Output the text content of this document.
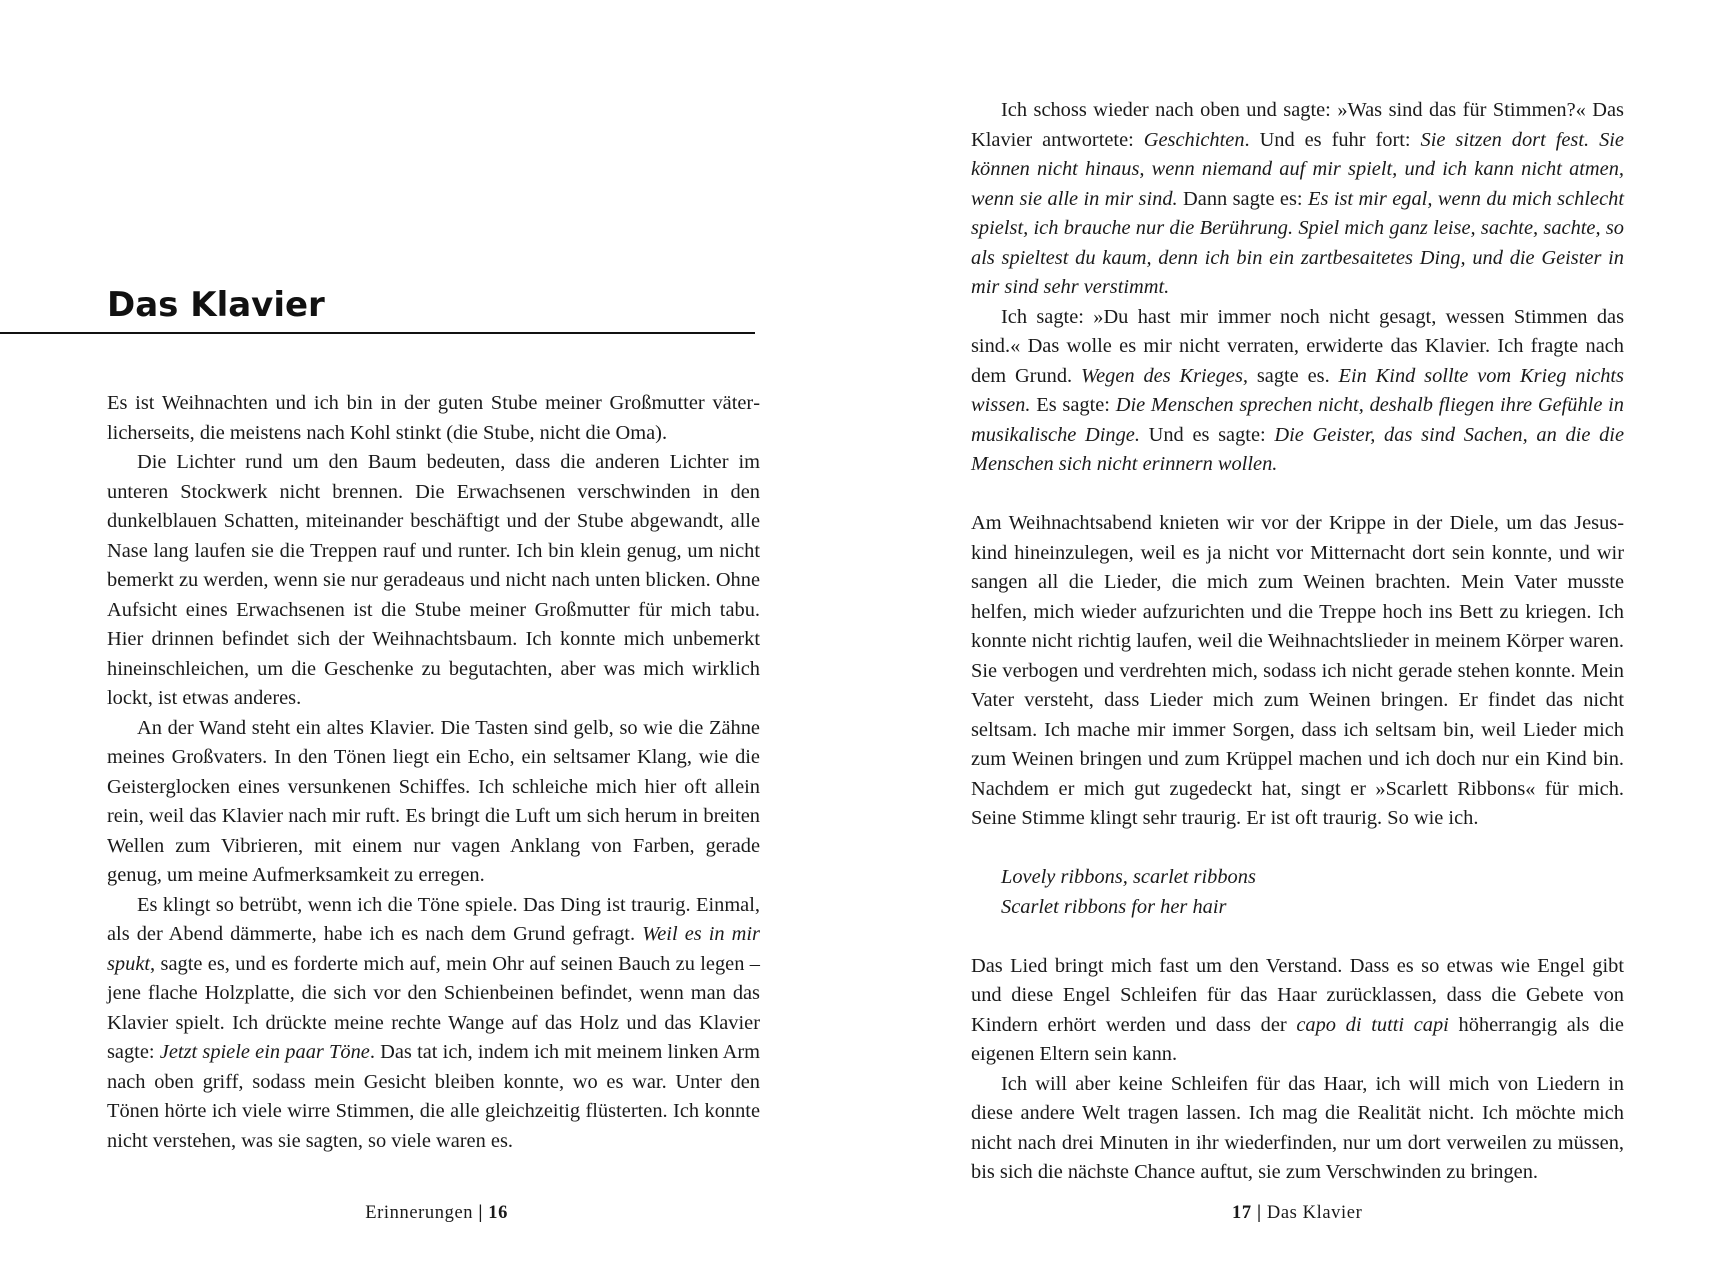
Das Klavier

Es ist Weihnachten und ich bin in der guten Stube meiner Großmutter väterlicherseits, die meistens nach Kohl stinkt (die Stube, nicht die Oma).

Die Lichter rund um den Baum bedeuten, dass die anderen Lichter im unteren Stockwerk nicht brennen. Die Erwachsenen verschwinden in den dunkelblauen Schatten, miteinander beschäftigt und der Stube abgewandt, alle Nase lang laufen sie die Treppen rauf und runter. Ich bin klein genug, um nicht bemerkt zu werden, wenn sie nur geradeaus und nicht nach unten blicken. Ohne Aufsicht eines Erwachsenen ist die Stube meiner Großmutter für mich tabu. Hier drinnen befindet sich der Weihnachtsbaum. Ich konnte mich unbemerkt hineinschleichen, um die Geschenke zu begutachten, aber was mich wirklich lockt, ist etwas anderes.

An der Wand steht ein altes Klavier. Die Tasten sind gelb, so wie die Zähne meines Großvaters. In den Tönen liegt ein Echo, ein seltsamer Klang, wie die Geisterglocken eines versunkenen Schiffes. Ich schleiche mich hier oft allein rein, weil das Klavier nach mir ruft. Es bringt die Luft um sich herum in breiten Wellen zum Vibrieren, mit einem nur vagen Anklang von Farben, gerade genug, um meine Aufmerksamkeit zu erregen.

Es klingt so betrübt, wenn ich die Töne spiele. Das Ding ist traurig. Einmal, als der Abend dämmerte, habe ich es nach dem Grund gefragt. Weil es in mir spukt, sagte es, und es forderte mich auf, mein Ohr auf seinen Bauch zu legen – jene flache Holzplatte, die sich vor den Schienbeinen befindet, wenn man das Klavier spielt. Ich drückte meine rechte Wange auf das Holz und das Klavier sagte: Jetzt spiele ein paar Töne. Das tat ich, indem ich mit meinem linken Arm nach oben griff, sodass mein Gesicht bleiben konnte, wo es war. Unter den Tönen hörte ich viele wirre Stimmen, die alle gleichzeitig flüsterten. Ich konnte nicht verstehen, was sie sagten, so viele waren es.

Erinnerungen | 16

Ich schoss wieder nach oben und sagte: »Was sind das für Stimmen?« Das Klavier antwortete: Geschichten. Und es fuhr fort: Sie sitzen dort fest. Sie können nicht hinaus, wenn niemand auf mir spielt, und ich kann nicht atmen, wenn sie alle in mir sind. Dann sagte es: Es ist mir egal, wenn du mich schlecht spielst, ich brauche nur die Berührung. Spiel mich ganz leise, sachte, sachte, so als spieltest du kaum, denn ich bin ein zartbesaitetes Ding, und die Geister in mir sind sehr verstimmt.

Ich sagte: »Du hast mir immer noch nicht gesagt, wessen Stimmen das sind.« Das wolle es mir nicht verraten, erwiderte das Klavier. Ich fragte nach dem Grund. Wegen des Krieges, sagte es. Ein Kind sollte vom Krieg nichts wissen. Es sagte: Die Menschen sprechen nicht, deshalb fliegen ihre Gefühle in musikalische Dinge. Und es sagte: Die Geister, das sind Sachen, an die die Menschen sich nicht erinnern wollen.

Am Weihnachtsabend knieten wir vor der Krippe in der Diele, um das Jesuskind hineinzulegen, weil es ja nicht vor Mitternacht dort sein konnte, und wir sangen all die Lieder, die mich zum Weinen brachten. Mein Vater musste helfen, mich wieder aufzurichten und die Treppe hoch ins Bett zu kriegen. Ich konnte nicht richtig laufen, weil die Weihnachtslieder in meinem Körper waren. Sie verbogen und verdrehten mich, sodass ich nicht gerade stehen konnte. Mein Vater versteht, dass Lieder mich zum Weinen bringen. Er findet das nicht seltsam. Ich mache mir immer Sorgen, dass ich seltsam bin, weil Lieder mich zum Weinen bringen und zum Krüppel machen und ich doch nur ein Kind bin. Nachdem er mich gut zugedeckt hat, singt er »Scarlett Ribbons« für mich. Seine Stimme klingt sehr traurig. Er ist oft traurig. So wie ich.

Lovely ribbons, scarlet ribbons
Scarlet ribbons for her hair

Das Lied bringt mich fast um den Verstand. Dass es so etwas wie Engel gibt und diese Engel Schleifen für das Haar zurücklassen, dass die Gebete von Kindern erhört werden und dass der capo di tutti capi höherrangig als die eigenen Eltern sein kann.

Ich will aber keine Schleifen für das Haar, ich will mich von Liedern in diese andere Welt tragen lassen. Ich mag die Realität nicht. Ich möchte mich nicht nach drei Minuten in ihr wiederfinden, nur um dort verweilen zu müssen, bis sich die nächste Chance auftut, sie zum Verschwinden zu bringen.

17 | Das Klavier
